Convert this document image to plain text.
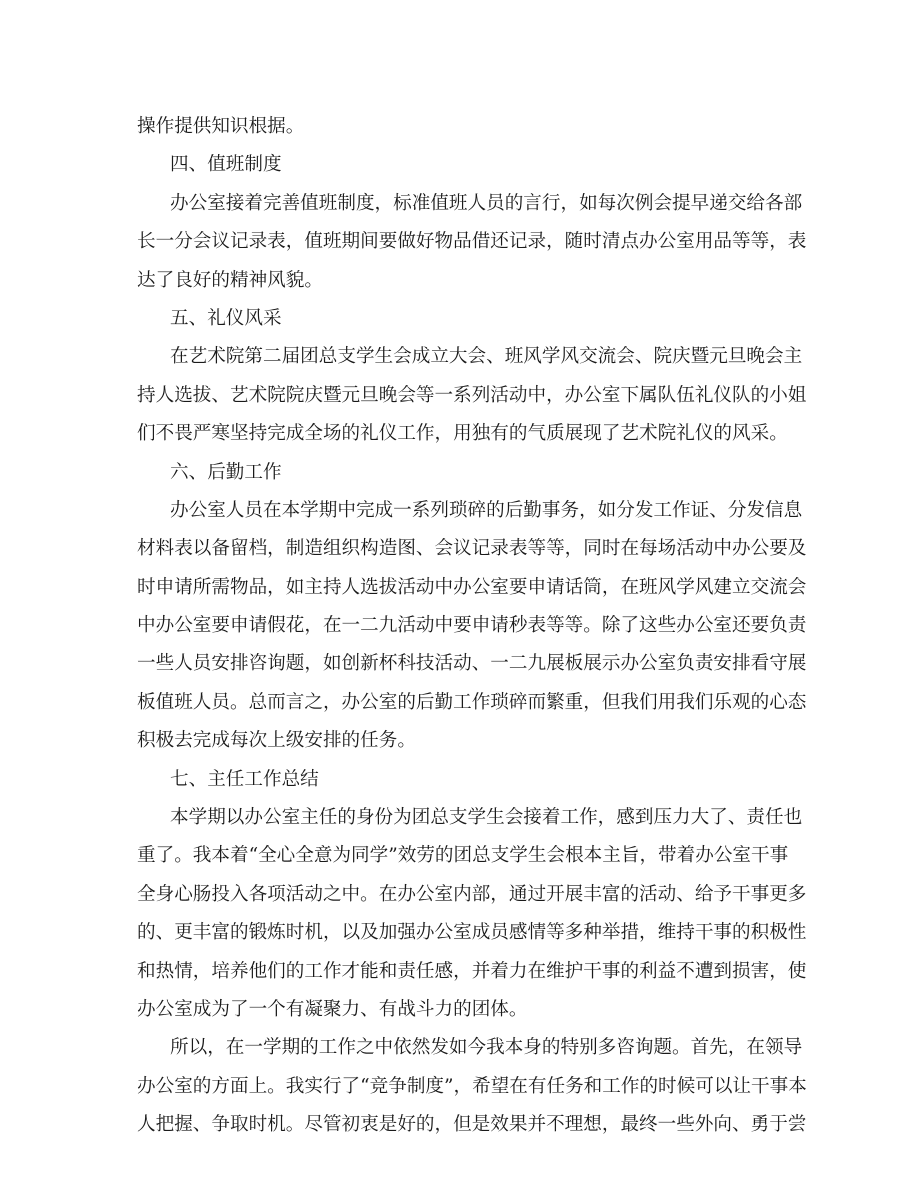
操作提供知识根据。
四、值班制度
办公室接着完善值班制度，标准值班人员的言行，如每次例会提早递交给各部
长一分会议记录表，值班期间要做好物品借还记录，随时清点办公室用品等等，表
达了良好的精神风貌。
五、礼仪风采
在艺术院第二届团总支学生会成立大会、班风学风交流会、院庆暨元旦晚会主
持人选拔、艺术院院庆暨元旦晚会等一系列活动中，办公室下属队伍礼仪队的小姐
们不畏严寒坚持完成全场的礼仪工作，用独有的气质展现了艺术院礼仪的风采。
六、后勤工作
办公室人员在本学期中完成一系列琐碎的后勤事务，如分发工作证、分发信息
材料表以备留档，制造组织构造图、会议记录表等等，同时在每场活动中办公要及
时申请所需物品，如主持人选拔活动中办公室要申请话筒，在班风学风建立交流会
中办公室要申请假花，在一二九活动中要申请秒表等等。除了这些办公室还要负责
一些人员安排咨询题，如创新杯科技活动、一二九展板展示办公室负责安排看守展
板值班人员。总而言之，办公室的后勤工作琐碎而繁重，但我们用我们乐观的心态
积极去完成每次上级安排的任务。
七、主任工作总结
本学期以办公室主任的身份为团总支学生会接着工作，感到压力大了、责任也
重了。我本着“全心全意为同学”效劳的团总支学生会根本主旨，带着办公室干事
全身心肠投入各项活动之中。在办公室内部，通过开展丰富的活动、给予干事更多
的、更丰富的锻炼时机，以及加强办公室成员感情等多种举措，维持干事的积极性
和热情，培养他们的工作才能和责任感，并着力在维护干事的利益不遭到损害，使
办公室成为了一个有凝聚力、有战斗力的团体。
所以，在一学期的工作之中依然发如今我本身的特别多咨询题。首先，在领导
办公室的方面上。我实行了“竞争制度”，希望在有任务和工作的时候可以让干事本
人把握、争取时机。尽管初衷是好的，但是效果并不理想，最终一些外向、勇于尝
